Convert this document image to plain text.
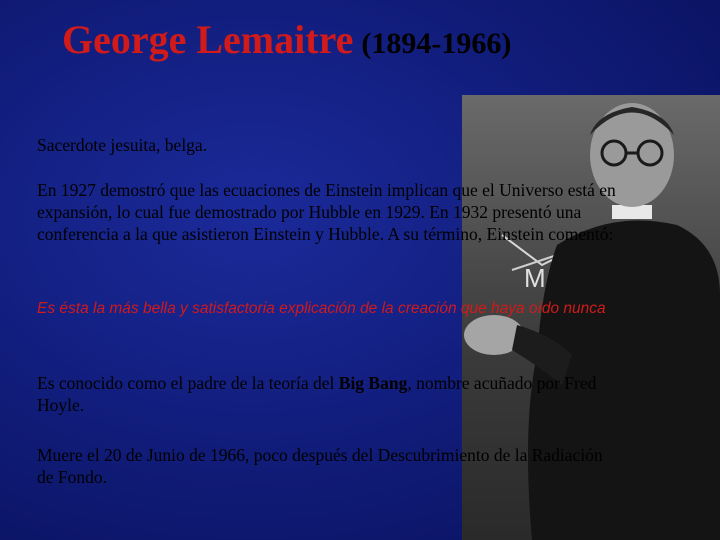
George Lemaitre (1894-1966)
M

Sacerdote jesuita, belga.

En 1927 demostró que las ecuaciones de Einstein implican que el Universo está en expansión, lo cual fue demostrado por Hubble en 1929. En 1932 presentó una conferencia a la que asistieron Einstein y Hubble. A su término, Einstein comentó:

Es ésta la más bella y satisfactoria explicación de la creación que haya oído nunca

Es conocido como el padre de la teoría del Big Bang, nombre acuñado por Fred Hoyle.

Muere el 20 de Junio de 1966, poco después del Descubrimiento de la Radiación de Fondo.
